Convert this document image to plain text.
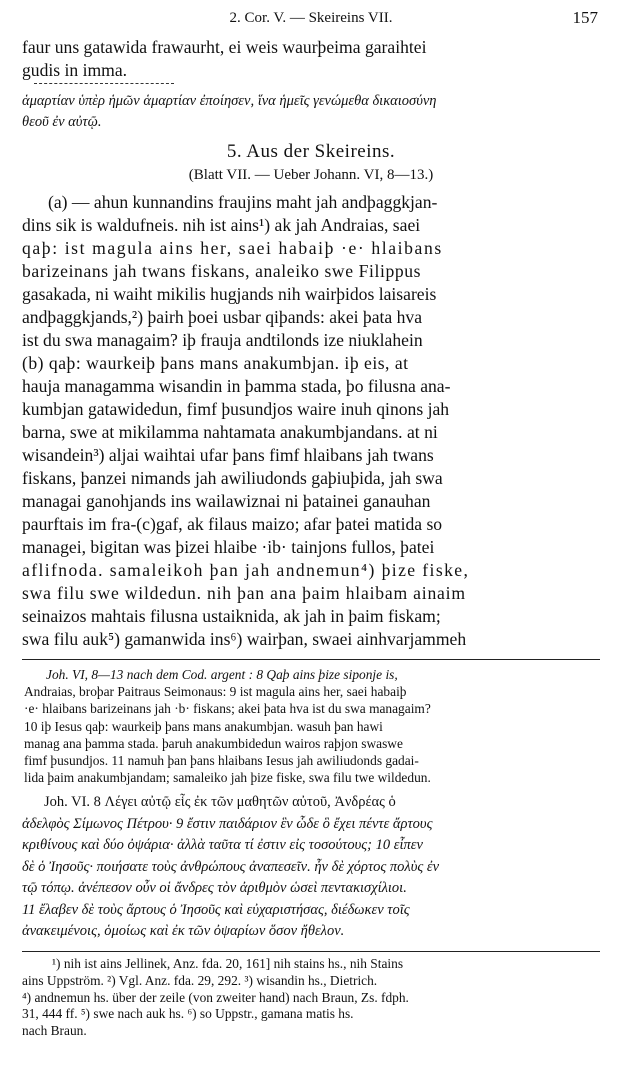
2. Cor. V. — Skeireins VII.	157
faur uns gatawida frawaurht, ei weis waurþeima garaihtei
gudis in imma.
ἁμαρτίαν ὑπὲρ ἡμῶν ἁμαρτίαν ἐποίησεν, ἵνα ἡμεῖς γενώμεθα δικαιοσύνη
θεοῦ ἐν αὐτῷ.
5. Aus der Skeireins.
(Blatt VII. — Ueber Johann. VI, 8—13.)
(a) — ahun kunnandins fraujins maht jah andþaggkjan-
dins sik is waldufneis. nih ist ains¹) ak jah Andraias, saei
qaþ: ist magula ains her, saei habaiþ ·e· hlaibans
barizeinans jah twans fiskans, analeiko swe Filippus
gasakada, ni waiht mikilis hugjands nih wairþidos laisareis
andþaggkjands,²) þairh þoei usbar qiþands: akei þata hva
ist du swa managaim? iþ frauja andtilonds ize niuklahein
(b) qaþ: waurkeiþ þans mans anakumbjan. iþ eis, at
hauja managamma wisandin in þamma stada, þo filusna ana-
kumbjan gatawidedun, fimf þusundjos waire inuh qinons jah
barna, swe at mikilamma nahtamata anakumbjandans. at ni
wisandein³) aljai waihtai ufar þans fimf hlaibans jah twans
fiskans, þanzei nimands jah awiliudonds gaþiuþida, jah swa
managai ganohjands ins wailawiznai ni þatainei ganauhan
paurftais im fra-(c)gaf, ak filaus maizo; afar þatei matida so
managei, bigitan was þizei hlaibe ·ib· tainjons fullos, þatei
aflifnoda. samaleikoh þan jah andnemun⁴) þize fiske,
swa filu swe wildedun. nih þan ana þaim hlaibam ainaim
seinaizos mahtais filusna ustaiknida, ak jah in þaim fiskam;
swa filu auk⁵) gamanwida ins⁶) wairþan, swaei ainhvarjammeh
Joh. VI, 8—13 nach dem Cod. argent : 8 Qaþ ains þize siponje is,
Andraias, broþar Paitraus Seimonaus: 9 ist magula ains her, saei habaiþ
·e· hlaibans barizeinans jah ·b· fiskans; akei þata hva ist du swa managaim?
10 iþ Iesus qaþ: waurkeiþ þans mans anakumbjan. wasuh þan hawi
manag ana þamma stada. þaruh anakumbidedun wairos raþjon swaswe
fimf þusundjos. 11 namuh þan þans hlaibans Iesus jah awiliudonds gadai-
lida þaim anakumbjandam; samaleiko jah þize fiske, swa filu twe wildedun.
Joh. VI. 8 Λέγει αὐτῷ εἷς ἐκ τῶν μαθητῶν αὐτοῦ, Ἀνδρέας ὁ
ἀδελφὸς Σίμωνος Πέτρου· 9 ἔστιν παιδάριον ἓν ὧδε ὃ ἔχει πέντε ἄρτους
κριθίνους καὶ δύο ὀψάρια· ἀλλὰ ταῦτα τί ἐστιν εἰς τοσούτους; 10 εἶπεν
δὲ ὁ Ἰησοῦς· ποιήσατε τοὺς ἀνθρώπους ἀναπεσεῖν. ἦν δὲ χόρτος πολὺς ἐν
τῷ τόπῳ. ἀνέπεσον οὖν οἱ ἄνδρες τὸν ἀριθμὸν ὡσεὶ πεντακισχίλιοι.
11 ἔλαβεν δὲ τοὺς ἄρτους ὁ Ἰησοῦς καὶ εὐχαριστήσας, διέδωκεν τοῖς
ἀνακειμένοις, ὁμοίως καὶ ἐκ τῶν ὀψαρίων ὅσον ἤθελον.
¹) nih ist ains Jellinek, Anz. fda. 20, 161] nih stains hs., nih Stains
ains Uppström. ²) Vgl. Anz. fda. 29, 292. ³) wisandin hs., Dietrich.
⁴) andnemun hs. über der zeile (von zweiter hand) nach Braun, Zs. fdph.
31, 444 ff. ⁵) swe nach auk hs. ⁶) so Uppstr., gamana matis hs.
nach Braun.
